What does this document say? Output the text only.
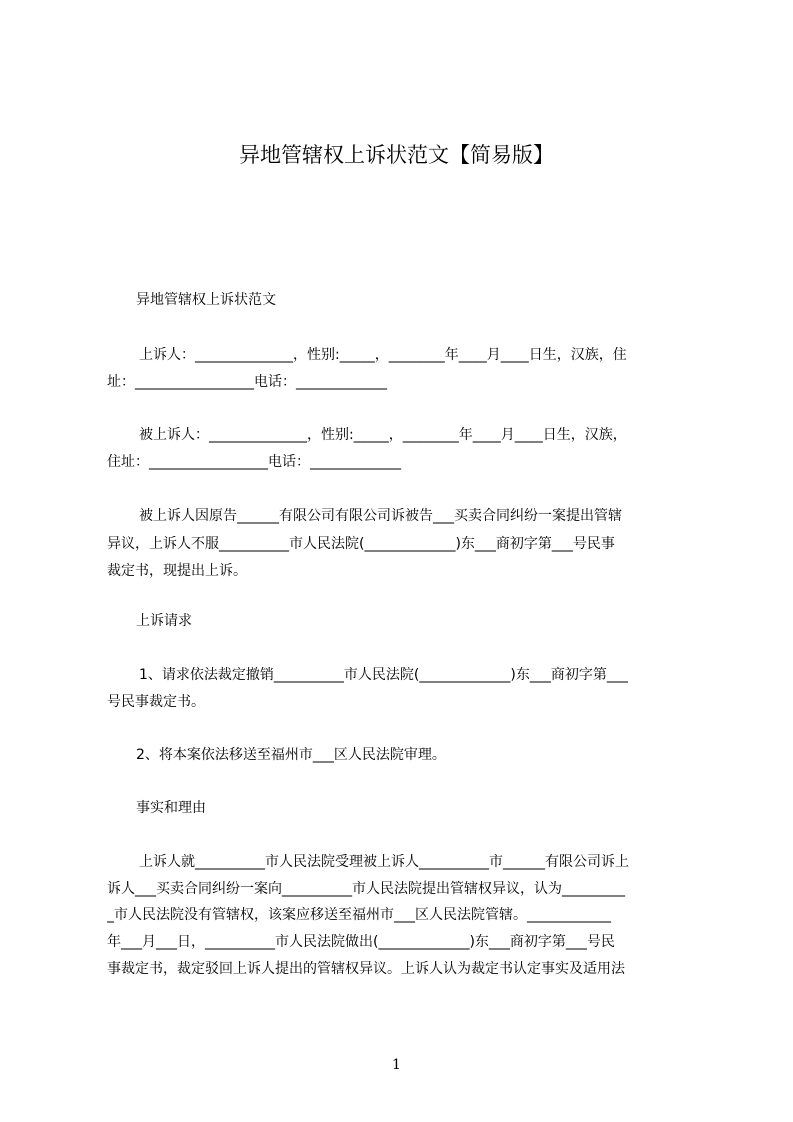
异地管辖权上诉状范文【简易版】
异地管辖权上诉状范文
上诉人：______________，性别:_____，________年____月____日生，汉族，住
址：_________________电话：_____________
被上诉人：______________，性别:_____，________年____月____日生，汉族，
住址：_________________电话：_____________
被上诉人因原告______有限公司有限公司诉被告___买卖合同纠纷一案提出管辖
异议，上诉人不服__________市人民法院(_____________)东___商初字第___号民事
裁定书，现提出上诉。
上诉请求
1、请求依法裁定撤销__________市人民法院(_____________)东___商初字第___
号民事裁定书。
2、将本案依法移送至福州市___区人民法院审理。
事实和理由
上诉人就__________市人民法院受理被上诉人__________市______有限公司诉上
诉人___买卖合同纠纷一案向__________市人民法院提出管辖权异议，认为_________
_市人民法院没有管辖权，该案应移送至福州市___区人民法院管辖。____________
年___月___日，__________市人民法院做出(_____________)东___商初字第___号民
事裁定书，裁定驳回上诉人提出的管辖权异议。上诉人认为裁定书认定事实及适用法
1
